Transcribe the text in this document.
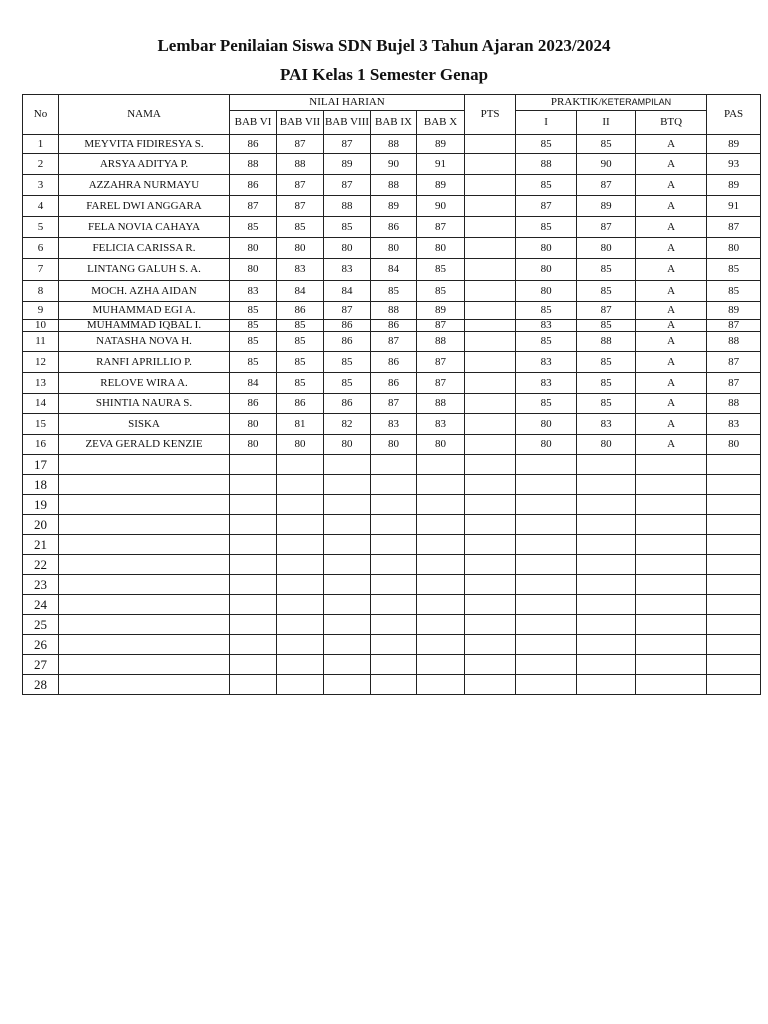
Lembar Penilaian Siswa SDN Bujel 3 Tahun Ajaran 2023/2024
PAI Kelas 1 Semester Genap
No	NAMA	NILAI HARIAN					PTS	PRAKTIK/KETERAMPILAN			PAS
		BAB VI	BAB VII	BAB VIII	BAB IX	BAB X		I	II	BTQ	
1	MEYVITA FIDIRESYA S.	86	87	87	88	89		85	85	A	89
2	ARSYA ADITYA P.	88	88	89	90	91		88	90	A	93
3	AZZAHRA NURMAYU	86	87	87	88	89		85	87	A	89
4	FAREL DWI ANGGARA	87	87	88	89	90		87	89	A	91
5	FELA NOVIA CAHAYA	85	85	85	86	87		85	87	A	87
6	FELICIA CARISSA R.	80	80	80	80	80		80	80	A	80
7	LINTANG GALUH S. A.	80	83	83	84	85		80	85	A	85
8	MOCH. AZHA AIDAN	83	84	84	85	85		80	85	A	85
9	MUHAMMAD EGI A.	85	86	87	88	89		85	87	A	89
10	MUHAMMAD IQBAL I.	85	85	86	86	87		83	85	A	87
11	NATASHA NOVA H.	85	85	86	87	88		85	88	A	88
12	RANFI APRILLIO P.	85	85	85	86	87		83	85	A	87
13	RELOVE WIRA A.	84	85	85	86	87		83	85	A	87
14	SHINTIA NAURA S.	86	86	86	87	88		85	85	A	88
15	SISKA	80	81	82	83	83		80	83	A	83
16	ZEVA GERALD KENZIE	80	80	80	80	80		80	80	A	80
17											
18											
19											
20											
21											
22											
23											
24											
25											
26											
27											
28											
